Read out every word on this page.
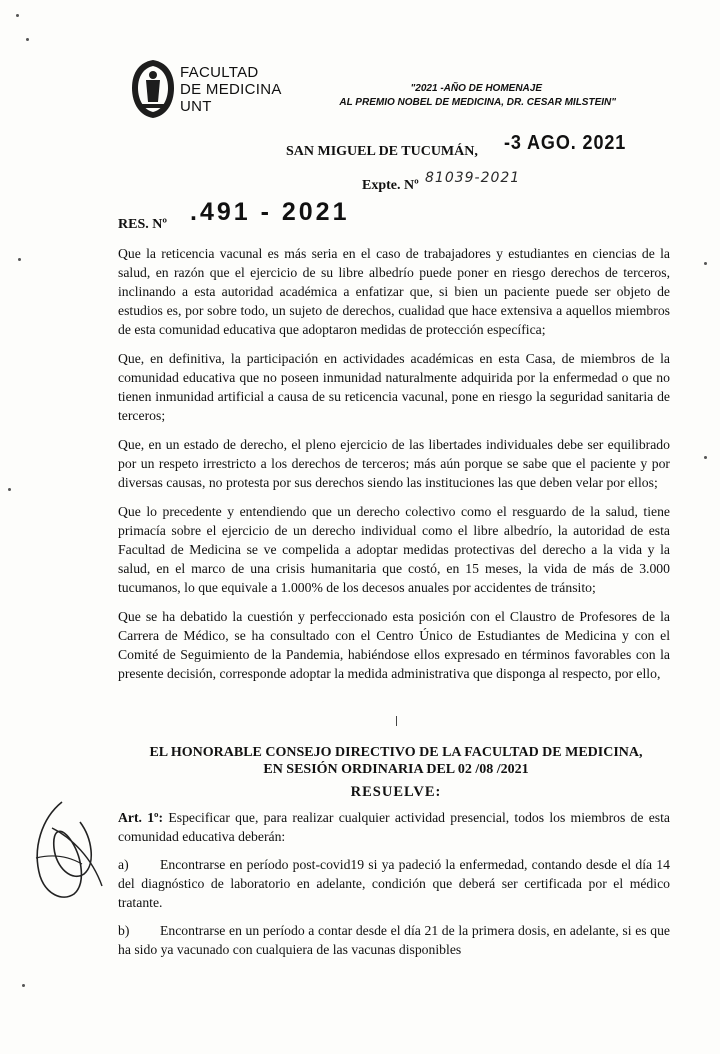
FACULTAD
DE MEDICINA
UNT
"2021 -AÑO DE HOMENAJE
AL PREMIO NOBEL DE MEDICINA, DR. CESAR MILSTEIN"
SAN MIGUEL DE TUCUMÁN, -3 AGO. 2021
Expte. Nº 81039-2021
RES. Nº .491 - 2021

Que la reticencia vacunal es más seria en el caso de trabajadores y estudiantes en ciencias de la salud, en razón que el ejercicio de su libre albedrío puede poner en riesgo derechos de terceros, inclinando a esta autoridad académica a enfatizar que, si bien un paciente puede ser objeto de estudios es, por sobre todo, un sujeto de derechos, cualidad que hace extensiva a aquellos miembros de esta comunidad educativa que adoptaron medidas de protección específica;

Que, en definitiva, la participación en actividades académicas en esta Casa, de miembros de la comunidad educativa que no poseen inmunidad naturalmente adquirida por la enfermedad o que no tienen inmunidad artificial a causa de su reticencia vacunal, pone en riesgo la seguridad sanitaria de terceros;

Que, en un estado de derecho, el pleno ejercicio de las libertades individuales debe ser equilibrado por un respeto irrestricto a los derechos de terceros; más aún porque se sabe que el paciente y por diversas causas, no protesta por sus derechos siendo las instituciones las que deben velar por ellos;

Que lo precedente y entendiendo que un derecho colectivo como el resguardo de la salud, tiene primacía sobre el ejercicio de un derecho individual como el libre albedrío, la autoridad de esta Facultad de Medicina se ve compelida a adoptar medidas protectivas del derecho a la vida y la salud, en el marco de una crisis humanitaria que costó, en 15 meses, la vida de más de 3.000 tucumanos, lo que equivale a 1.000% de los decesos anuales por accidentes de tránsito;

Que se ha debatido la cuestión y perfeccionado esta posición con el Claustro de Profesores de la Carrera de Médico, se ha consultado con el Centro Único de Estudiantes de Medicina y con el Comité de Seguimiento de la Pandemia, habiéndose ellos expresado en términos favorables con la presente decisión, corresponde adoptar la medida administrativa que disponga al respecto, por ello,

EL HONORABLE CONSEJO DIRECTIVO DE LA FACULTAD DE MEDICINA,
EN SESIÓN ORDINARIA DEL 02 /08 /2021
RESUELVE:

Art. 1º: Especificar que, para realizar cualquier actividad presencial, todos los miembros de esta comunidad educativa deberán:

a) Encontrarse en período post-covid19 si ya padeció la enfermedad, contando desde el día 14 del diagnóstico de laboratorio en adelante, condición que deberá ser certificada por el médico tratante.

b) Encontrarse en un período a contar desde el día 21 de la primera dosis, en adelante, si es que ha sido ya vacunado con cualquiera de las vacunas disponibles
